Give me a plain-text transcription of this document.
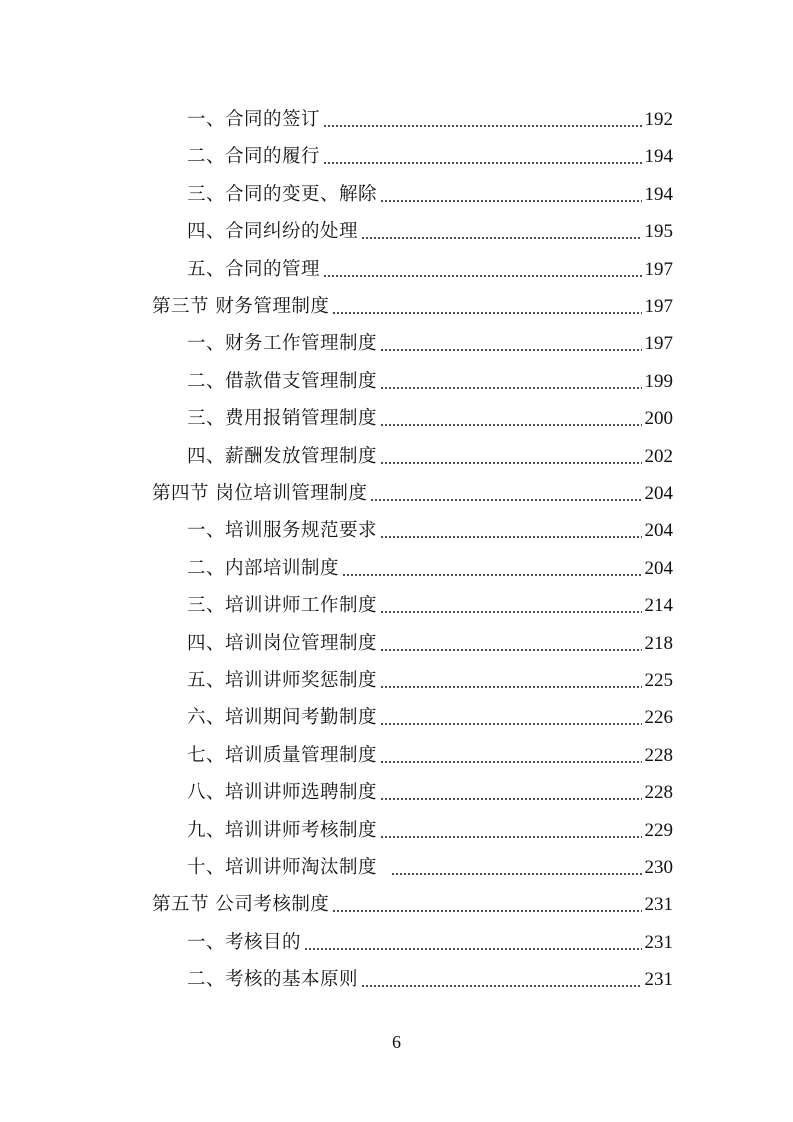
一、合同的签订	192
二、合同的履行	194
三、合同的变更、解除	194
四、合同纠纷的处理	195
五、合同的管理	197
第三节 财务管理制度	197
一、财务工作管理制度	197
二、借款借支管理制度	199
三、费用报销管理制度	200
四、薪酬发放管理制度	202
第四节 岗位培训管理制度	204
一、培训服务规范要求	204
二、内部培训制度	204
三、培训讲师工作制度	214
四、培训岗位管理制度	218
五、培训讲师奖惩制度	225
六、培训期间考勤制度	226
七、培训质量管理制度	228
八、培训讲师选聘制度	228
九、培训讲师考核制度	229
十、培训讲师淘汰制度	230
第五节 公司考核制度	231
一、考核目的	231
二、考核的基本原则	231
6
